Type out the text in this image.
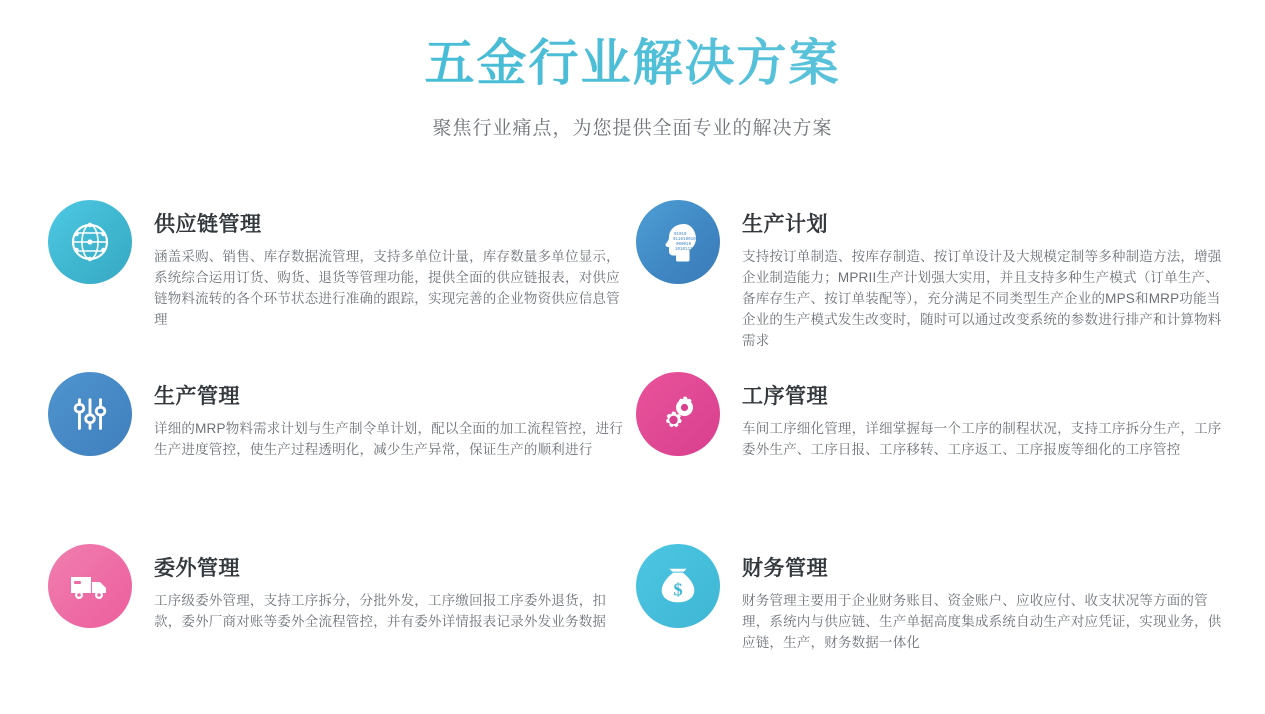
五金行业解决方案
聚焦行业痛点，为您提供全面专业的解决方案
供应链管理

涵盖采购、销售、库存数据流管理，支持多单位计量，库存数量多单位显示，系统综合运用订货、购货、退货等管理功能，提供全面的供应链报表，对供应链物料流转的各个环节状态进行准确的跟踪，实现完善的企业物资供应信息管理

01010
011010010
000010
1010111
生产计划

支持按订单制造、按库存制造、按订单设计及大规模定制等多种制造方法，增强企业制造能力；MPRII生产计划强大实用，并且支持多种生产模式（订单生产、备库存生产、按订单装配等），充分满足不同类型生产企业的MPS和MRP功能当企业的生产模式发生改变时，随时可以通过改变系统的参数进行排产和计算物料需求

生产管理

详细的MRP物料需求计划与生产制令单计划，配以全面的加工流程管控，进行生产进度管控，使生产过程透明化，减少生产异常，保证生产的顺利进行

工序管理

车间工序细化管理，详细掌握每一个工序的制程状况，支持工序拆分生产，工序委外生产、工序日报、工序移转、工序返工、工序报废等细化的工序管控

委外管理

工序级委外管理，支持工序拆分，分批外发，工序缴回报工序委外退货，扣款，委外厂商对账等委外全流程管控，并有委外详情报表记录外发业务数据

$
财务管理

财务管理主要用于企业财务账目、资金账户、应收应付、收支状况等方面的管理，系统内与供应链、生产单据高度集成系统自动生产对应凭证，实现业务，供应链，生产，财务数据一体化
